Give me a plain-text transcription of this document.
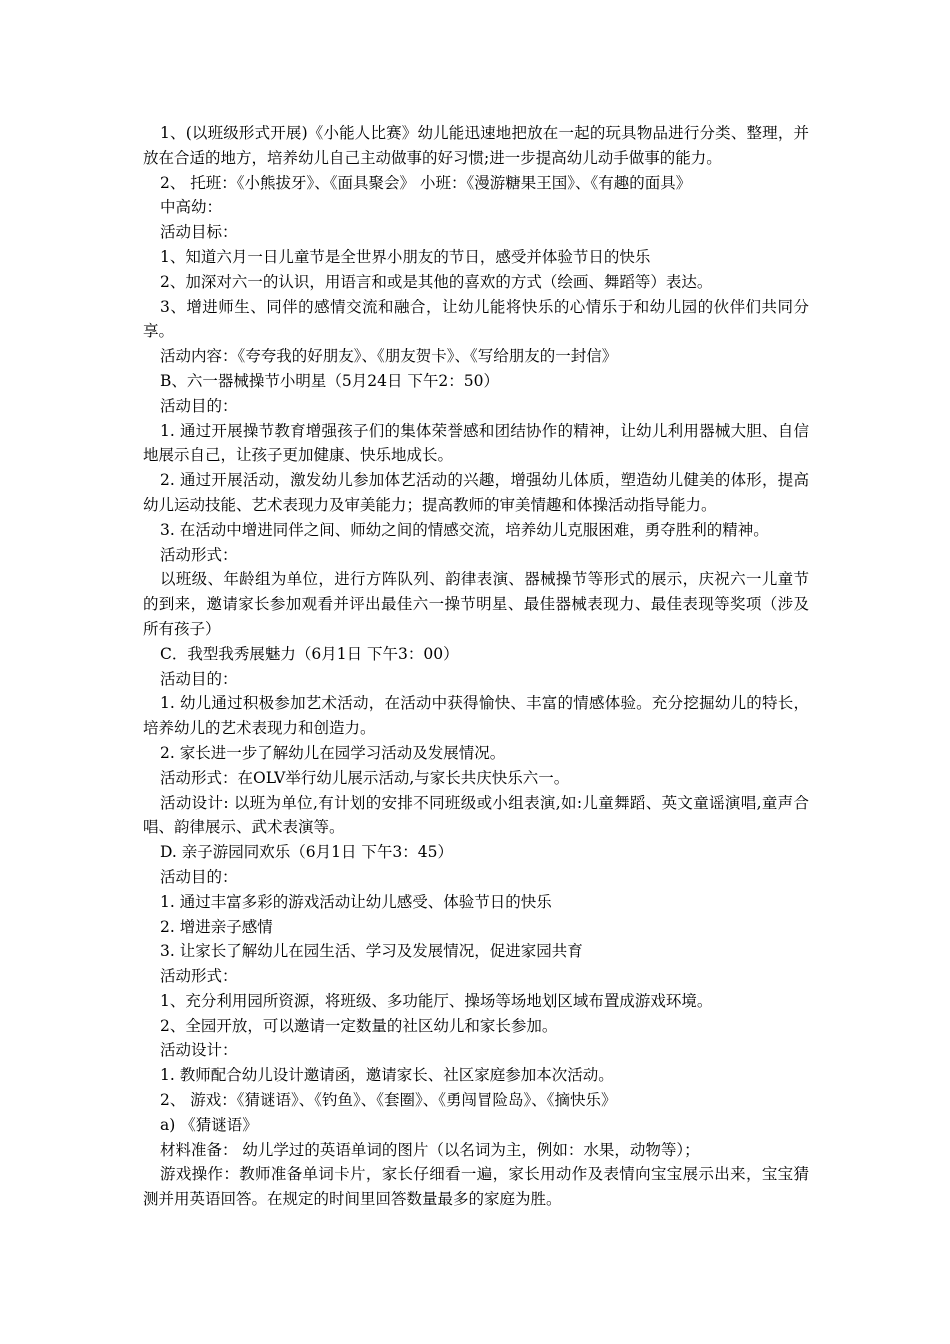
1、(以班级形式开展)《小能人比赛》幼儿能迅速地把放在一起的玩具物品进行分类、整理，并放在合适的地方，培养幼儿自己主动做事的好习惯;进一步提高幼儿动手做事的能力。

2、 托班：《小熊拔牙》、《面具聚会》 小班：《漫游糖果王国》、《有趣的面具》

中高幼：

活动目标：

1、知道六月一日儿童节是全世界小朋友的节日，感受并体验节日的快乐

2、加深对六一的认识，用语言和或是其他的喜欢的方式（绘画、舞蹈等）表达。

3、增进师生、同伴的感情交流和融合，让幼儿能将快乐的心情乐于和幼儿园的伙伴们共同分享。

活动内容：《夸夸我的好朋友》、《朋友贺卡》、《写给朋友的一封信》

B、六一器械操节小明星（5月24日 下午2：50）

活动目的：

1. 通过开展操节教育增强孩子们的集体荣誉感和团结协作的精神，让幼儿利用器械大胆、自信地展示自己，让孩子更加健康、快乐地成长。

2. 通过开展活动，激发幼儿参加体艺活动的兴趣，增强幼儿体质，塑造幼儿健美的体形，提高幼儿运动技能、艺术表现力及审美能力；提高教师的审美情趣和体操活动指导能力。

3. 在活动中增进同伴之间、师幼之间的情感交流，培养幼儿克服困难，勇夺胜利的精神。

活动形式：

以班级、年龄组为单位，进行方阵队列、韵律表演、器械操节等形式的展示，庆祝六一儿童节的到来，邀请家长参加观看并评出最佳六一操节明星、最佳器械表现力、最佳表现等奖项（涉及所有孩子）

C．我型我秀展魅力（6月1日 下午3：00）

活动目的：

1. 幼儿通过积极参加艺术活动，在活动中获得愉快、丰富的情感体验。充分挖掘幼儿的特长，培养幼儿的艺术表现力和创造力。

2. 家长进一步了解幼儿在园学习活动及发展情况。

活动形式：在OLV举行幼儿展示活动,与家长共庆快乐六一。

活动设计: 以班为单位,有计划的安排不同班级或小组表演,如:儿童舞蹈、英文童谣演唱,童声合唱、韵律展示、武术表演等。

D. 亲子游园同欢乐（6月1日 下午3：45）

活动目的：

1. 通过丰富多彩的游戏活动让幼儿感受、体验节日的快乐

2. 增进亲子感情

3. 让家长了解幼儿在园生活、学习及发展情况，促进家园共育

活动形式：

1、充分利用园所资源，将班级、多功能厅、操场等场地划区域布置成游戏环境。

2、全园开放，可以邀请一定数量的社区幼儿和家长参加。

活动设计：

1. 教师配合幼儿设计邀请函，邀请家长、社区家庭参加本次活动。

2、 游戏：《猜谜语》、《钓鱼》、《套圈》、《勇闯冒险岛》、《摘快乐》

a) 《猜谜语》

材料准备： 幼儿学过的英语单词的图片（以名词为主，例如：水果，动物等）；

游戏操作：教师准备单词卡片，家长仔细看一遍，家长用动作及表情向宝宝展示出来，宝宝猜测并用英语回答。在规定的时间里回答数量最多的家庭为胜。
